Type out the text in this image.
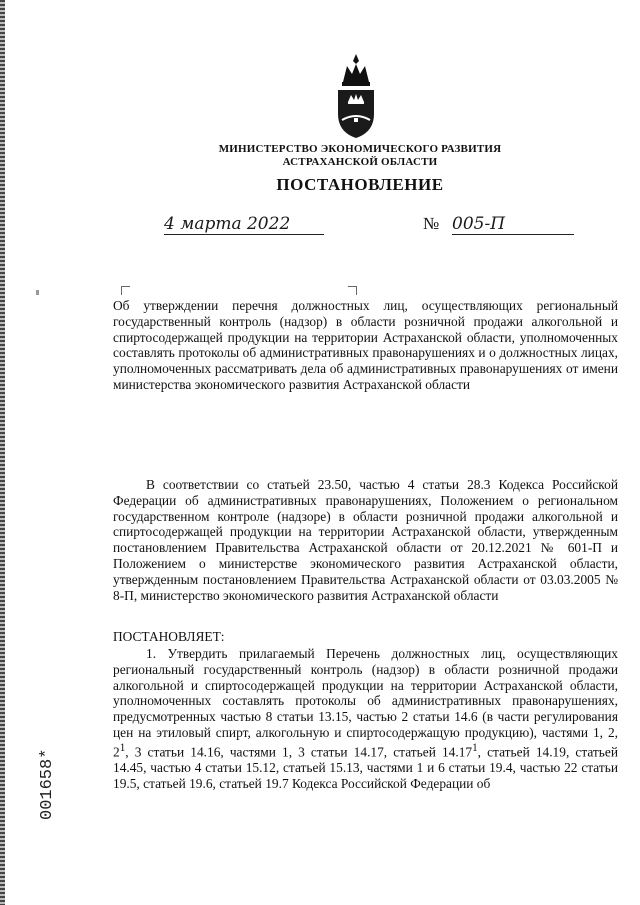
МИНИСТЕРСТВО ЭКОНОМИЧЕСКОГО РАЗВИТИЯ
АСТРАХАНСКОЙ ОБЛАСТИ
ПОСТАНОВЛЕНИЕ
4 марта 2022	№ 005-П

Об утверждении перечня должностных лиц, осуществляющих региональный государственный контроль (надзор) в области розничной продажи алкогольной и спиртосодержащей продукции на территории Астраханской области, уполномоченных составлять протоколы об административных правонарушениях и о должностных лицах, уполномоченных рассматривать дела об административных правонарушениях от имени министерства экономического развития Астраханской области

В соответствии со статьей 23.50, частью 4 статьи 28.3 Кодекса Российской Федерации об административных правонарушениях, Положением о региональном государственном контроле (надзоре) в области розничной продажи алкогольной и спиртосодержащей продукции на территории Астраханской области, утвержденным постановлением Правительства Астраханской области от 20.12.2021 № 601-П и Положением о министерстве экономического развития Астраханской области, утвержденным постановлением Правительства Астраханской области от 03.03.2005 № 8-П, министерство экономического развития Астраханской области

ПОСТАНОВЛЯЕТ:

1. Утвердить прилагаемый Перечень должностных лиц, осуществляющих региональный государственный контроль (надзор) в области розничной продажи алкогольной и спиртосодержащей продукции на территории Астраханской области, уполномоченных составлять протоколы об административных правонарушениях, предусмотренных частью 8 статьи 13.15, частью 2 статьи 14.6 (в части регулирования цен на этиловый спирт, алкогольную и спиртосодержащую продукцию), частями 1, 2, $2^1$, 3 статьи 14.16, частями 1, 3 статьи 14.17, статьей 14.17$^1$, статьей 14.19, статьей 14.45, частью 4 статьи 15.12, статьей 15.13, частями 1 и 6 статьи 19.4, частью 22 статьи 19.5, статьей 19.6, статьей 19.7 Кодекса Российской Федерации об

001658*
